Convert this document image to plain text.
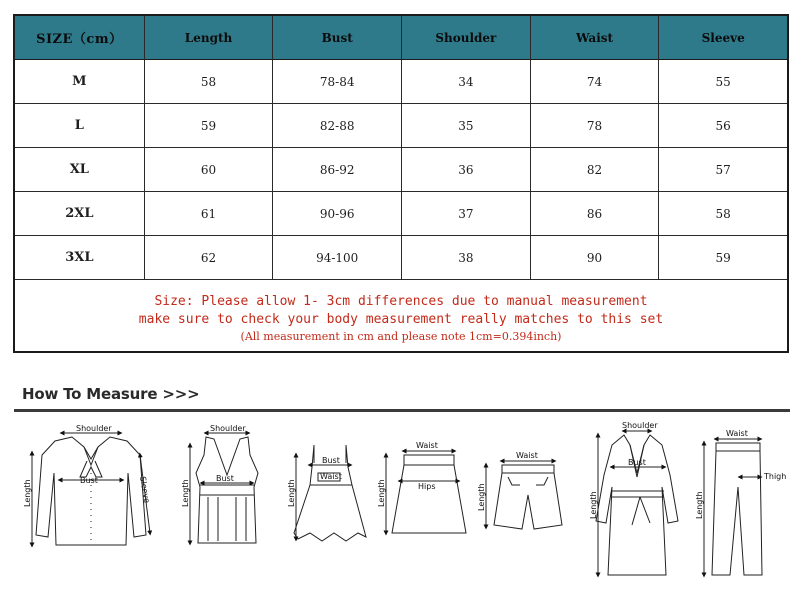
SIZE（cm）	Length	Bust	Shoulder	Waist	Sleeve
M	58	78-84	34	74	55
L	59	82-88	35	78	56
XL	60	86-92	36	82	57
2XL	61	90-96	37	86	58
3XL	62	94-100	38	90	59
Size: Please allow 1- 3cm differences due to manual measurement
make sure to check your body measurement really matches to this set
(All measurement in cm and please note 1cm=0.394inch)
How To Measure >>>
Shoulder
Bust
Length	Sleeve
Shoulder
Bust
Length
Bust
Waist
Length
Waist
Hips
Length
Waist
Length
Shoulder
Bust
Length
Waist
Thigh
Length
